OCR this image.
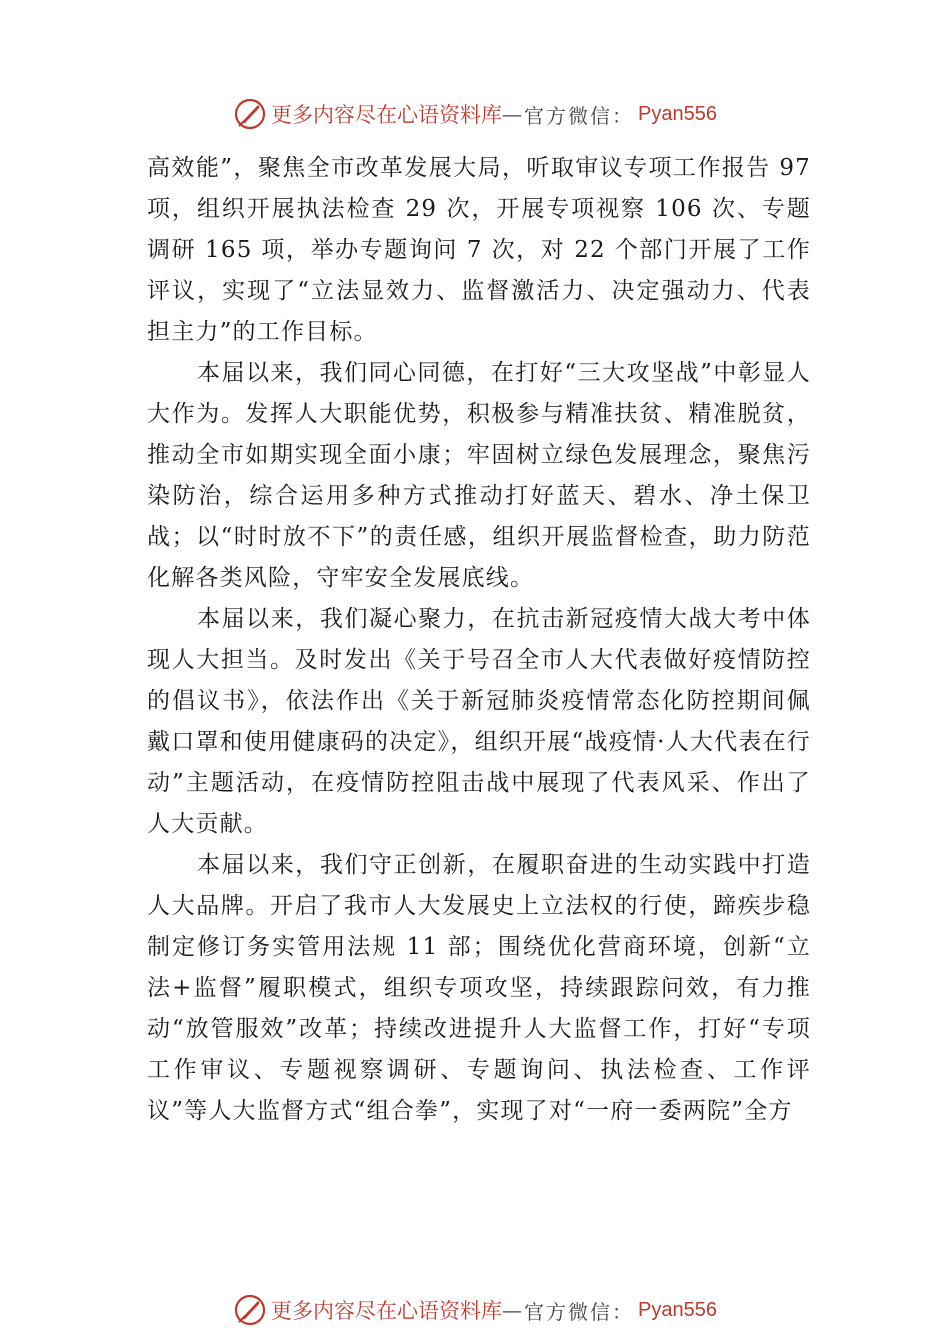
更多内容尽在心语资料库 — 官方微信： Pyan556

高效能”，聚焦全市改革发展大局，听取审议专项工作报告 97 项，组织开展执法检查 29 次，开展专项视察 106 次、专题调研 165 项，举办专题询问 7 次，对 22 个部门开展了工作评议，实现了“立法显效力、监督激活力、决定强动力、代表担主力”的工作目标。

本届以来，我们同心同德，在打好“三大攻坚战”中彰显人大作为。发挥人大职能优势，积极参与精准扶贫、精准脱贫，推动全市如期实现全面小康；牢固树立绿色发展理念，聚焦污染防治，综合运用多种方式推动打好蓝天、碧水、净土保卫战；以“时时放不下”的责任感，组织开展监督检查，助力防范化解各类风险，守牢安全发展底线。

本届以来，我们凝心聚力，在抗击新冠疫情大战大考中体现人大担当。及时发出《关于号召全市人大代表做好疫情防控的倡议书》，依法作出《关于新冠肺炎疫情常态化防控期间佩戴口罩和使用健康码的决定》，组织开展“战疫情·人大代表在行动”主题活动，在疫情防控阻击战中展现了代表风采、作出了人大贡献。

本届以来，我们守正创新，在履职奋进的生动实践中打造人大品牌。开启了我市人大发展史上立法权的行使，蹄疾步稳制定修订务实管用法规 11 部；围绕优化营商环境，创新“立法+监督”履职模式，组织专项攻坚，持续跟踪问效，有力推动“放管服效”改革；持续改进提升人大监督工作，打好“专项工作审议、专题视察调研、专题询问、执法检查、工作评议”等人大监督方式“组合拳”，实现了对“一府一委两院”全方

更多内容尽在心语资料库 — 官方微信： Pyan556
